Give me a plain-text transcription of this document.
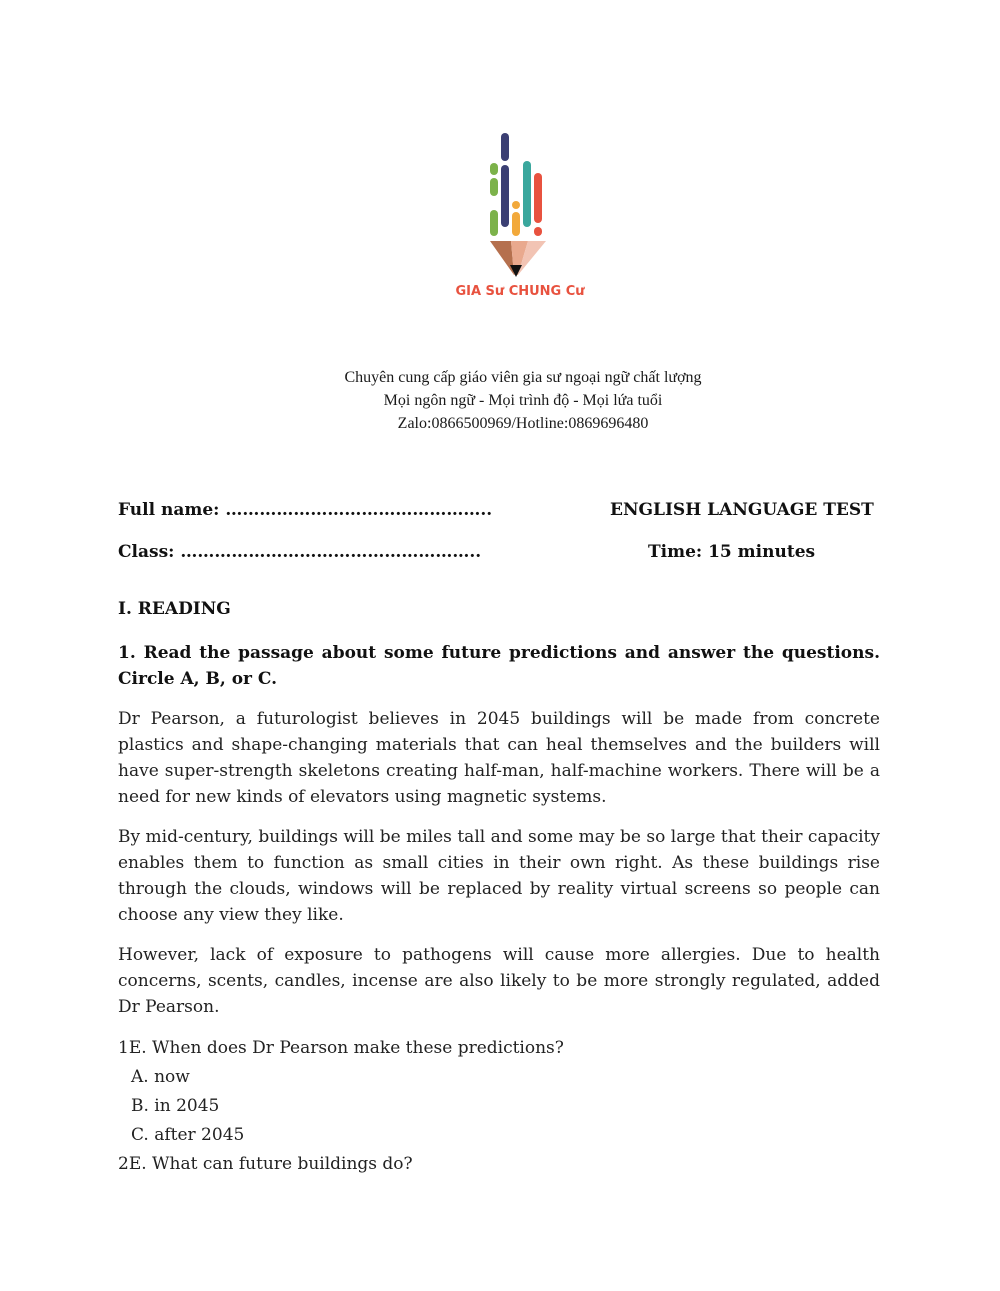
GIA Sư CHUNG Cư
Chuyên cung cấp giáo viên gia sư ngoại ngữ chất lượng
Mọi ngôn ngữ - Mọi trình độ - Mọi lứa tuổi
Zalo:0866500969/Hotline:0869696480
Full name: ………………………………………..	ENGLISH LANGUAGE TEST
Class: ……………………………………………..	Time: 15 minutes
I. READING

1. Read the passage about some future predictions and answer the questions. Circle A, B, or C.

Dr Pearson, a futurologist believes in 2045 buildings will be made from concrete plastics and shape-changing materials that can heal themselves and the builders will have super-strength skeletons creating half-man, half-machine workers. There will be a need for new kinds of elevators using magnetic systems.

By mid-century, buildings will be miles tall and some may be so large that their capacity enables them to function as small cities in their own right. As these buildings rise through the clouds, windows will be replaced by reality virtual screens so people can choose any view they like.

However, lack of exposure to pathogens will cause more allergies. Due to health concerns, scents, candles, incense are also likely to be more strongly regulated, added Dr Pearson.

1E. When does Dr Pearson make these predictions?

A. now

B. in 2045

C. after 2045

2E. What can future buildings do?
